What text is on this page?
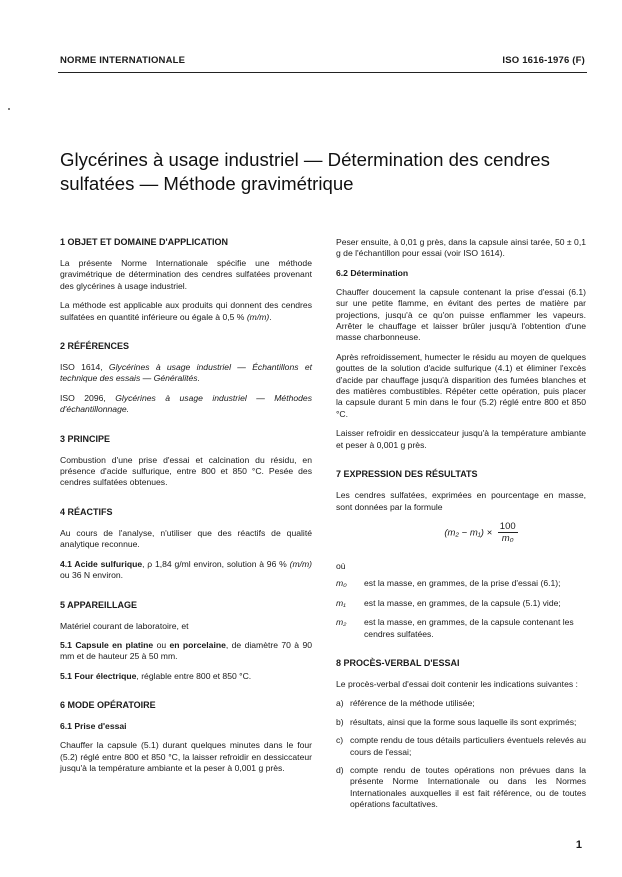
NORME INTERNATIONALE	ISO 1616-1976 (F)
Glycérines à usage industriel — Détermination des cendres
sulfatées — Méthode gravimétrique
1 OBJET ET DOMAINE D'APPLICATION

La présente Norme Internationale spécifie une méthode gravimétrique de détermination des cendres sulfatées provenant des glycérines à usage industriel.

La méthode est applicable aux produits qui donnent des cendres sulfatées en quantité inférieure ou égale à 0,5 % (m/m).

2 RÉFÉRENCES

ISO 1614, Glycérines à usage industriel — Échantillons et technique des essais — Généralités.

ISO 2096, Glycérines à usage industriel — Méthodes d'échantillonnage.

3 PRINCIPE

Combustion d'une prise d'essai et calcination du résidu, en présence d'acide sulfurique, entre 800 et 850 °C. Pesée des cendres sulfatées obtenues.

4 RÉACTIFS

Au cours de l'analyse, n'utiliser que des réactifs de qualité analytique reconnue.

4.1 Acide sulfurique, ρ 1,84 g/ml environ, solution à 96 % (m/m) ou 36 N environ.

5 APPAREILLAGE

Matériel courant de laboratoire, et

5.1 Capsule en platine ou en porcelaine, de diamètre 70 à 90 mm et de hauteur 25 à 50 mm.

5.1 Four électrique, réglable entre 800 et 850 °C.

6 MODE OPÉRATOIRE
6.1 Prise d'essai

Chauffer la capsule (5.1) durant quelques minutes dans le four (5.2) réglé entre 800 et 850 °C, la laisser refroidir en dessiccateur jusqu'à la température ambiante et la peser à 0,001 g près.

Peser ensuite, à 0,01 g près, dans la capsule ainsi tarée, 50 ± 0,1 g de l'échantillon pour essai (voir ISO 1614).

6.2 Détermination

Chauffer doucement la capsule contenant la prise d'essai (6.1) sur une petite flamme, en évitant des pertes de matière par projections, jusqu'à ce qu'on puisse enflammer les vapeurs. Arrêter le chauffage et laisser brûler jusqu'à l'obtention d'une masse charbonneuse.

Après refroidissement, humecter le résidu au moyen de quelques gouttes de la solution d'acide sulfurique (4.1) et éliminer l'excès d'acide par chauffage jusqu'à disparition des fumées blanches et des matières combustibles. Répéter cette opération, puis placer la capsule durant 5 min dans le four (5.2) réglé entre 800 et 850 °C.

Laisser refroidir en dessiccateur jusqu'à la température ambiante et peser à 0,001 g près.

7 EXPRESSION DES RÉSULTATS

Les cendres sulfatées, exprimées en pourcentage en masse, sont données par la formule

$(m_2 - m_1) \times \frac{100}{\text{m₀}}$

où

m₀	est la masse, en grammes, de la prise d'essai (6.1);
m₁	est la masse, en grammes, de la capsule (5.1) vide;
m₂	est la masse, en grammes, de la capsule contenant les cendres sulfatées.
8 PROCÈS-VERBAL D'ESSAI

Le procès-verbal d'essai doit contenir les indications suivantes :

a) référence de la méthode utilisée;
b) résultats, ainsi que la forme sous laquelle ils sont exprimés;
c) compte rendu de tous détails particuliers éventuels relevés au cours de l'essai;
d) compte rendu de toutes opérations non prévues dans la présente Norme Internationale ou dans les Normes Internationales auxquelles il est fait référence, ou de toutes opérations facultatives.
1
